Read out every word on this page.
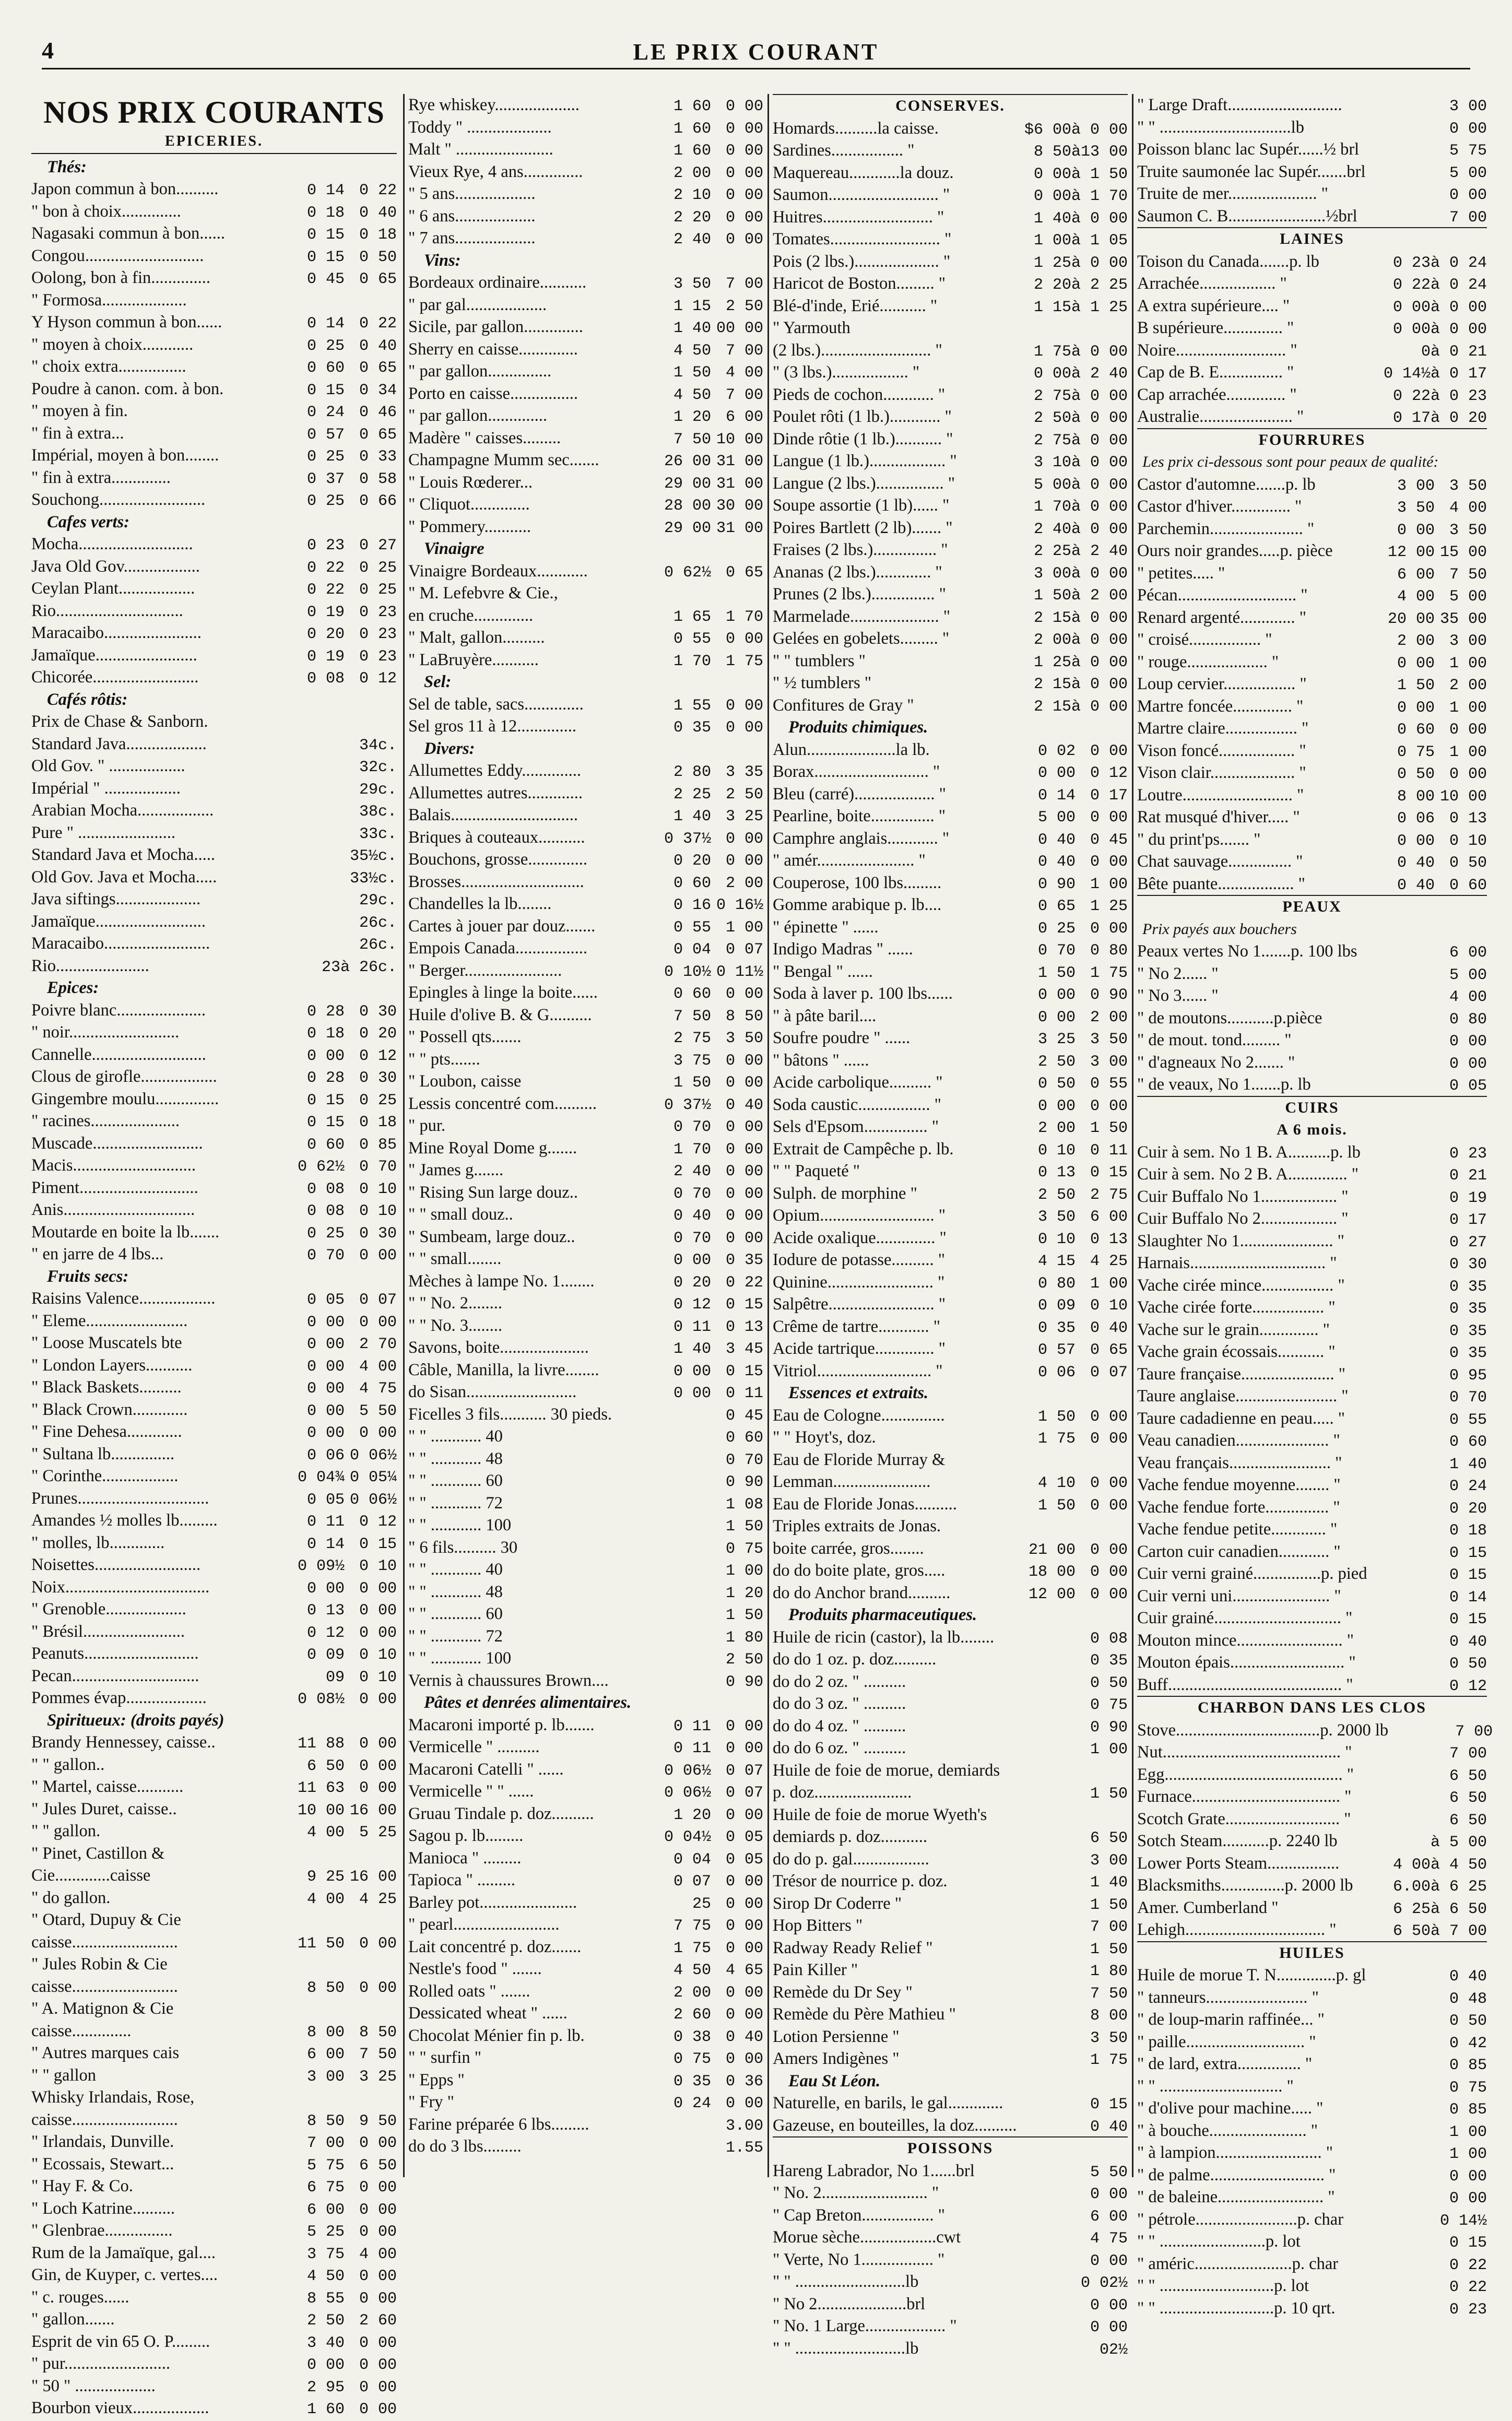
4	LE PRIX COURANT
NOS PRIX COURANTS
EPICERIES.
Thés:
Japon commun à bon..........	0 14 0 22
" bon à choix..............	0 18 0 40
Nagasaki commun à bon......	0 15 0 18
Congou............................	0 15 0 50
Oolong, bon à fin..............	0 45 0 65
" Formosa....................
Y Hyson commun à bon......	0 14 0 22
" moyen à choix............	0 25 0 40
" choix extra................	0 60 0 65
Poudre à canon. com. à bon.	0 15 0 34
" moyen à fin.	0 24 0 46
" fin à extra...	0 57 0 65
Impérial, moyen à bon........	0 25 0 33
" fin à extra..............	0 37 0 58
Souchong.........................	0 25 0 66
Cafes verts:
Mocha...........................	0 23 0 27
Java Old Gov..................	0 22 0 25
Ceylan Plant..................	0 22 0 25
Rio..............................	0 19 0 23
Maracaibo.......................	0 20 0 23
Jamaïque........................	0 19 0 23
Chicorée.........................	0 08 0 12
Cafés rôtis:
Prix de Chase & Sanborn.
Standard Java...................	34c.
Old Gov. " ..................	32c.
Impérial " ..................	29c.
Arabian Mocha..................	38c.
Pure " .......................	33c.
Standard Java et Mocha.....	35½c.
Old Gov. Java et Mocha.....	33½c.
Java siftings....................	29c.
Jamaïque..........................	26c.
Maracaibo.........................	26c.
Rio......................	23 à 26c.
Epices:
Poivre blanc.....................	0 28 0 30
" noir..........................	0 18 0 20
Cannelle...........................	0 00 0 12
Clous de girofle..................	0 28 0 30
Gingembre moulu...............	0 15 0 25
" racines.....................	0 15 0 18
Muscade..........................	0 60 0 85
Macis.............................	0 62½ 0 70
Piment............................	0 08 0 10
Anis...............................	0 08 0 10
Moutarde en boite la lb.......	0 25 0 30
" en jarre de 4 lbs...	0 70 0 00
Fruits secs:
Raisins Valence..................	0 05 0 07
" Eleme........................	0 00 0 00
" Loose Muscatels bte	0 00 2 70
" London Layers...........	0 00 4 00
" Black Baskets..........	0 00 4 75
" Black Crown.............	0 00 5 50
" Fine Dehesa.............	0 00 0 00
" Sultana lb...............	0 06 0 06½
" Corinthe..................	0 04¾ 0 05¼
Prunes...............................	0 05 0 06½
Amandes ½ molles lb.........	0 11 0 12
" molles, lb.............	0 14 0 15
Noisettes.........................	0 09½ 0 10
Noix..................................	0 00 0 00
" Grenoble...................	0 13 0 00
" Brésil........................	0 12 0 00
Peanuts...........................	0 09 0 10
Pecan..............................	09 0 10
Pommes évap...................	0 08½ 0 00
Spiritueux: (droits payés)
Brandy Hennessey, caisse..	11 88 0 00
" " gallon..	6 50 0 00
" Martel, caisse...........	11 63 0 00
" Jules Duret, caisse..	10 00 16 00
" " gallon.	4 00 5 25
" Pinet, Castillon &
Cie.............caisse	9 25 16 00
" do gallon.	4 00 4 25
" Otard, Dupuy & Cie
caisse.........................	11 50 0 00
" Jules Robin & Cie
caisse.........................	8 50 0 00
" A. Matignon & Cie
caisse..............	8 00 8 50
" Autres marques cais	6 00 7 50
" " gallon	3 00 3 25
Whisky Irlandais, Rose,
caisse.........................	8 50 9 50
" Irlandais, Dunville.	7 00 0 00
" Ecossais, Stewart...	5 75 6 50
" Hay F. & Co.	6 75 0 00
" Loch Katrine..........	6 00 0 00
" Glenbrae................	5 25 0 00
Rum de la Jamaïque, gal....	3 75 4 00
Gin, de Kuyper, c. vertes....	4 50 0 00
" c. rouges......	8 55 0 00
" gallon.......	2 50 2 60
Esprit de vin 65 O. P.........	3 40 0 00
" pur.........................	0 00 0 00
" 50 " ...................	2 95 0 00
Bourbon vieux..................	1 60 0 00
Rye whiskey....................	1 60 0 00
Toddy " ....................	1 60 0 00
Malt " .......................	1 60 0 00
Vieux Rye, 4 ans..............	2 00 0 00
" 5 ans...................	2 10 0 00
" 6 ans...................	2 20 0 00
" 7 ans...................	2 40 0 00
Vins:
Bordeaux ordinaire...........	3 50 7 00
" par gal...................	1 15 2 50
Sicile, par gallon..............	1 40 00 00
Sherry en caisse..............	4 50 7 00
" par gallon...............	1 50 4 00
Porto en caisse................	4 50 7 00
" par gallon..............	1 20 6 00
Madère " caisses.........	7 50 10 00
Champagne Mumm sec.......	26 00 31 00
" Louis Rœderer...	29 00 31 00
" Cliquot..............	28 00 30 00
" Pommery...........	29 00 31 00
Vinaigre
Vinaigre Bordeaux............	0 62½ 0 65
" M. Lefebvre & Cie.,
en cruche..............	1 65 1 70
" Malt, gallon..........	0 55 0 00
" LaBruyère...........	1 70 1 75
Sel:
Sel de table, sacs..............	1 55 0 00
Sel gros 11 à 12..............	0 35 0 00
Divers:
Allumettes Eddy..............	2 80 3 35
Allumettes autres.............	2 25 2 50
Balais..............................	1 40 3 25
Briques à couteaux...........	0 37½ 0 00
Bouchons, grosse..............	0 20 0 00
Brosses.............................	0 60 2 00
Chandelles la lb........	0 16 0 16½
Cartes à jouer par douz.......	0 55 1 00
Empois Canada.................	0 04 0 07
" Berger.......................	0 10½ 0 11½
Epingles à linge la boite......	0 60 0 00
Huile d'olive B. & G..........	7 50 8 50
" Possell qts.......	2 75 3 50
" " pts.......	3 75 0 00
" Loubon, caisse	1 50 0 00
Lessis concentré com..........	0 37½ 0 40
" pur.	0 70 0 00
Mine Royal Dome g.......	1 70 0 00
" James g.......	2 40 0 00
" Rising Sun large douz..	0 70 0 00
" " small douz..	0 40 0 00
" Sumbeam, large douz..	0 70 0 00
" " small........	0 00 0 35
Mèches à lampe No. 1........	0 20 0 22
" " No. 2........	0 12 0 15
" " No. 3........	0 11 0 13
Savons, boite.....................	1 40 3 45
Câble, Manilla, la livre........	0 00 0 15
do Sisan..........................	0 00 0 11
Ficelles 3 fils........... 30 pieds.	0 45
" " ............ 40	0 60
" " ............ 48	0 70
" " ............ 60	0 90
" " ............ 72	1 08
" " ............ 100	1 50
" 6 fils.......... 30	0 75
" " ............ 40	1 00
" " ............ 48	1 20
" " ............ 60	1 50
" " ............ 72	1 80
" " ............ 100	2 50
Vernis à chaussures Brown....	0 90
Pâtes et denrées alimentaires.
Macaroni importé p. lb.......	0 11 0 00
Vermicelle " ..........	0 11 0 00
Macaroni Catelli " ......	0 06½ 0 07
Vermicelle " " ......	0 06½ 0 07
Gruau Tindale p. doz..........	1 20 0 00
Sagou p. lb.........	0 04½ 0 05
Manioca " .........	0 04 0 05
Tapioca " .........	0 07 0 00
Barley pot.......................	25 0 00
" pearl.........................	7 75 0 00
Lait concentré p. doz.......	1 75 0 00
Nestle's food " .......	4 50 4 65
Rolled oats " .......	2 00 0 00
Dessicated wheat " ......	2 60 0 00
Chocolat Ménier fin p. lb.	0 38 0 40
" " surfin "	0 75 0 00
" Epps "	0 35 0 36
" Fry "	0 24 0 00
Farine préparée 6 lbs.........	3.00
do do 3 lbs.........	1.55
CONSERVES.
Homards..........la caisse.	$6 00 à 0 00
Sardines................. "	8 50 à13 00
Maquereau............la douz.	0 00 à 1 50
Saumon.......................... "	0 00 à 1 70
Huitres.......................... "	1 40 à 0 00
Tomates.......................... "	1 00 à 1 05
Pois (2 lbs.).................... "	1 25 à 0 00
Haricot de Boston......... "	2 20 à 2 25
Blé-d'inde, Erié........... "	1 15 à 1 25
" Yarmouth
(2 lbs.).......................... "	1 75 à 0 00
" (3 lbs.).................. "	0 00 à 2 40
Pieds de cochon............ "	2 75 à 0 00
Poulet rôti (1 lb.)............ "	2 50 à 0 00
Dinde rôtie (1 lb.)........... "	2 75 à 0 00
Langue (1 lb.).................. "	3 10 à 0 00
Langue (2 lbs.)................ "	5 00 à 0 00
Soupe assortie (1 lb)...... "	1 70 à 0 00
Poires Bartlett (2 lb)....... "	2 40 à 0 00
Fraises (2 lbs.)............... "	2 25 à 2 40
Ananas (2 lbs.)............. "	3 00 à 0 00
Prunes (2 lbs.)............... "	1 50 à 2 00
Marmelade..................... "	2 15 à 0 00
Gelées en gobelets......... "	2 00 à 0 00
" " tumblers "	1 25 à 0 00
" ½ tumblers "	2 15 à 0 00
Confitures de Gray "	2 15 à 0 00
Produits chimiques.
Alun.....................la lb.	0 02 0 00
Borax........................... "	0 00 0 12
Bleu (carré)................... "	0 14 0 17
Pearline, boite............... "	5 00 0 00
Camphre anglais............ "	0 40 0 45
" amér....................... "	0 40 0 00
Couperose, 100 lbs.........	0 90 1 00
Gomme arabique p. lb....	0 65 1 25
" épinette " ......	0 25 0 00
Indigo Madras " ......	0 70 0 80
" Bengal " ......	1 50 1 75
Soda à laver p. 100 lbs......	0 00 0 90
" à pâte baril....	0 00 2 00
Soufre poudre " ......	3 25 3 50
" bâtons " ......	2 50 3 00
Acide carbolique.......... "	0 50 0 55
Soda caustic................. "	0 00 0 00
Sels d'Epsom............... "	2 00 1 50
Extrait de Campêche p. lb.	0 10 0 11
" " Paqueté "	0 13 0 15
Sulph. de morphine "	2 50 2 75
Opium........................... "	3 50 6 00
Acide oxalique.............. "	0 10 0 13
Iodure de potasse.......... "	4 15 4 25
Quinine......................... "	0 80 1 00
Salpêtre......................... "	0 09 0 10
Crême de tartre............ "	0 35 0 40
Acide tartrique.............. "	0 57 0 65
Vitriol........................... "	0 06 0 07
Essences et extraits.
Eau de Cologne...............	1 50 0 00
" " Hoyt's, doz.	1 75 0 00
Eau de Floride Murray &
Lemman.......................	4 10 0 00
Eau de Floride Jonas..........	1 50 0 00
Triples extraits de Jonas.
boite carrée, gros........	21 00 0 00
do do boite plate, gros.....	18 00 0 00
do do Anchor brand..........	12 00 0 00
Produits pharmaceutiques.
Huile de ricin (castor), la lb........	0 08
do do 1 oz. p. doz..........	0 35
do do 2 oz. " ..........	0 50
do do 3 oz. " ..........	0 75
do do 4 oz. " ..........	0 90
do do 6 oz. " ..........	1 00
Huile de foie de morue, demiards
p. doz.......................	1 50
Huile de foie de morue Wyeth's
demiards p. doz...........	6 50
do do p. gal..................	3 00
Trésor de nourrice p. doz.	1 40
Sirop Dr Coderre "	1 50
Hop Bitters "	7 00
Radway Ready Relief "	1 50
Pain Killer "	1 80
Remède du Dr Sey "	7 50
Remède du Père Mathieu "	8 00
Lotion Persienne "	3 50
Amers Indigènes "	1 75
Eau St Léon.
Naturelle, en barils, le gal.............	0 15
Gazeuse, en bouteilles, la doz..........	0 40
POISSONS
Hareng Labrador, No 1......brl	5 50
" No. 2......................... "	0 00
" Cap Breton................. "	6 00
Morue sèche..................cwt	4 75
" Verte, No 1................. "	0 00
" " ..........................lb	0 02½
" No 2.....................brl	0 00
" No. 1 Large................... "	0 00
" " ..........................lb	02½
" Large Draft...........................	3 00
" " ...............................lb	0 00
Poisson blanc lac Supér......½ brl	5 75
Truite saumonée lac Supér.......brl	5 00
Truite de mer..................... "	0 00
Saumon C. B.......................½brl	7 00
LAINES
Toison du Canada.......p. lb	0 23 à 0 24
Arrachée.................. "	0 22 à 0 24
A extra supérieure.... "	0 00 à 0 00
B supérieure.............. "	0 00 à 0 00
Noire.......................... "	0 à 0 21
Cap de B. E............... "	0 14½ à 0 17
Cap arrachée.............. "	0 22 à 0 23
Australie...................... "	0 17 à 0 20
FOURRURES
Les prix ci-dessous sont pour peaux de qualité:
Castor d'automne.......p. lb	3 00 3 50
Castor d'hiver.............. "	3 50 4 00
Parchemin...................... "	0 00 3 50
Ours noir grandes.....p. pièce	12 00 15 00
" petites..... "	6 00 7 50
Pécan............................ "	4 00 5 00
Renard argenté............. "	20 00 35 00
" croisé................. "	2 00 3 00
" rouge................... "	0 00 1 00
Loup cervier................. "	1 50 2 00
Martre foncée.............. "	0 00 1 00
Martre claire................. "	0 60 0 00
Vison foncé.................. "	0 75 1 00
Vison clair.................... "	0 50 0 00
Loutre.......................... "	8 00 10 00
Rat musqué d'hiver..... "	0 06 0 13
" du print'ps....... "	0 00 0 10
Chat sauvage............... "	0 40 0 50
Bête puante.................. "	0 40 0 60
PEAUX
Prix payés aux bouchers
Peaux vertes No 1.......p. 100 lbs	6 00
" No 2...... "	5 00
" No 3...... "	4 00
" de moutons...........p.pièce	0 80
" de mout. tond......... "	0 00
" d'agneaux No 2....... "	0 00
" de veaux, No 1.......p. lb	0 05
CUIRS
A 6 mois.
Cuir à sem. No 1 B. A..........p. lb	0 23
Cuir à sem. No 2 B. A.............. "	0 21
Cuir Buffalo No 1.................. "	0 19
Cuir Buffalo No 2.................. "	0 17
Slaughter No 1...................... "	0 27
Harnais................................ "	0 30
Vache cirée mince................. "	0 35
Vache cirée forte................. "	0 35
Vache sur le grain.............. "	0 35
Vache grain écossais........... "	0 35
Taure française...................... "	0 95
Taure anglaise........................ "	0 70
Taure cadadienne en peau..... "	0 55
Veau canadien...................... "	0 60
Veau français........................ "	1 40
Vache fendue moyenne........ "	0 24
Vache fendue forte............... "	0 20
Vache fendue petite............. "	0 18
Carton cuir canadien............ "	0 15
Cuir verni grainé................p. pied	0 15
Cuir verni uni....................... "	0 14
Cuir grainé.............................. "	0 15
Mouton mince......................... "	0 40
Mouton épais........................... "	0 50
Buff......................................... "	0 12
CHARBON DANS LES CLOS
Stove..................................p. 2000 lb	7 00
Nut.......................................... "	7 00
Egg.......................................... "	6 50
Furnace................................... "	6 50
Scotch Grate........................... "	6 50
Sotch Steam...........p. 2240 lb	à 5 00
Lower Ports Steam.................	4 00 à 4 50
Blacksmiths...............p. 2000 lb	6.00 à 6 25
Amer. Cumberland "	6 25 à 6 50
Lehigh................................. "	6 50 à 7 00
HUILES
Huile de morue T. N..............p. gl	0 40
" tanneurs........................ "	0 48
" de loup-marin raffinée... "	0 50
" paille............................ "	0 42
" de lard, extra............... "	0 85
" " ............................. "	0 75
" d'olive pour machine..... "	0 85
" à bouche....................... "	1 00
" à lampion......................... "	1 00
" de palme........................... "	0 00
" de baleine......................... "	0 00
" pétrole........................p. char	0 14½
" " .........................p. lot	0 15
" améric.......................p. char	0 22
" " ...........................p. lot	0 22
" " ...........................p. 10 qrt.	0 23
